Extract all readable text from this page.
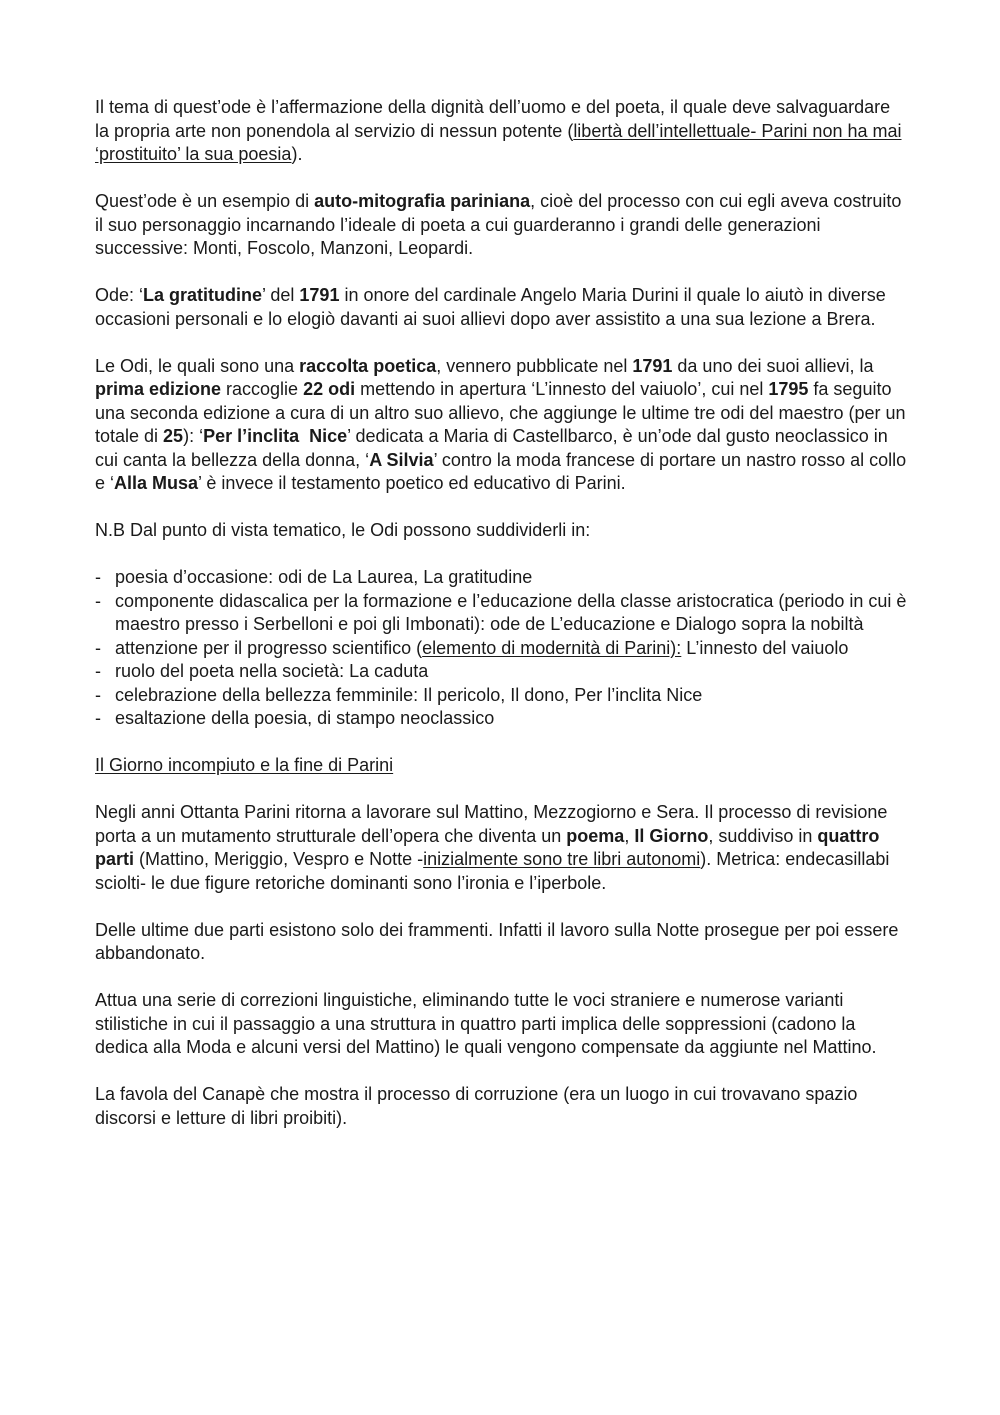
Il tema di quest’ode è l’affermazione della dignità dell’uomo e del poeta, il quale deve salvaguardare la propria arte non ponendola al servizio di nessun potente (libertà dell’intellettuale- Parini non ha mai ‘prostituito’ la sua poesia).

Quest’ode è un esempio di auto-mitografia pariniana, cioè del processo con cui egli aveva costruito il suo personaggio incarnando l’ideale di poeta a cui guarderanno i grandi delle generazioni successive: Monti, Foscolo, Manzoni, Leopardi.

Ode: ‘La gratitudine’ del 1791 in onore del cardinale Angelo Maria Durini il quale lo aiutò in diverse occasioni personali e lo elogiò davanti ai suoi allievi dopo aver assistito a una sua lezione a Brera.

Le Odi, le quali sono una raccolta poetica, vennero pubblicate nel 1791 da uno dei suoi allievi, la prima edizione raccoglie 22 odi mettendo in apertura ‘L’innesto del vaiuolo’, cui nel 1795 fa seguito una seconda edizione a cura di un altro suo allievo, che aggiunge le ultime tre odi del maestro (per un totale di 25): ‘Per l’inclita  Nice’ dedicata a Maria di Castellbarco, è un’ode dal gusto neoclassico in cui canta la bellezza della donna, ‘A Silvia’ contro la moda francese di portare un nastro rosso al collo e ‘Alla Musa’ è invece il testamento poetico ed educativo di Parini.

N.B Dal punto di vista tematico, le Odi possono suddividerli in:

- poesia d’occasione: odi de La Laurea, La gratitudine
- componente didascalica per la formazione e l’educazione della classe aristocratica (periodo in cui è maestro presso i Serbelloni e poi gli Imbonati): ode de L’educazione e Dialogo sopra la nobiltà
- attenzione per il progresso scientifico (elemento di modernità di Parini): L’innesto del vaiuolo
- ruolo del poeta nella società: La caduta
- celebrazione della bellezza femminile: Il pericolo, Il dono, Per l’inclita Nice
- esaltazione della poesia, di stampo neoclassico

Il Giorno incompiuto e la fine di Parini

Negli anni Ottanta Parini ritorna a lavorare sul Mattino, Mezzogiorno e Sera. Il processo di revisione porta a un mutamento strutturale dell’opera che diventa un poema, Il Giorno, suddiviso in quattro parti (Mattino, Meriggio, Vespro e Notte -inizialmente sono tre libri autonomi). Metrica: endecasillabi sciolti- le due figure retoriche dominanti sono l’ironia e l’iperbole.

Delle ultime due parti esistono solo dei frammenti. Infatti il lavoro sulla Notte prosegue per poi essere abbandonato.

Attua una serie di correzioni linguistiche, eliminando tutte le voci straniere e numerose varianti stilistiche in cui il passaggio a una struttura in quattro parti implica delle soppressioni (cadono la dedica alla Moda e alcuni versi del Mattino) le quali vengono compensate da aggiunte nel Mattino.

La favola del Canapè che mostra il processo di corruzione (era un luogo in cui trovavano spazio discorsi e letture di libri proibiti).
